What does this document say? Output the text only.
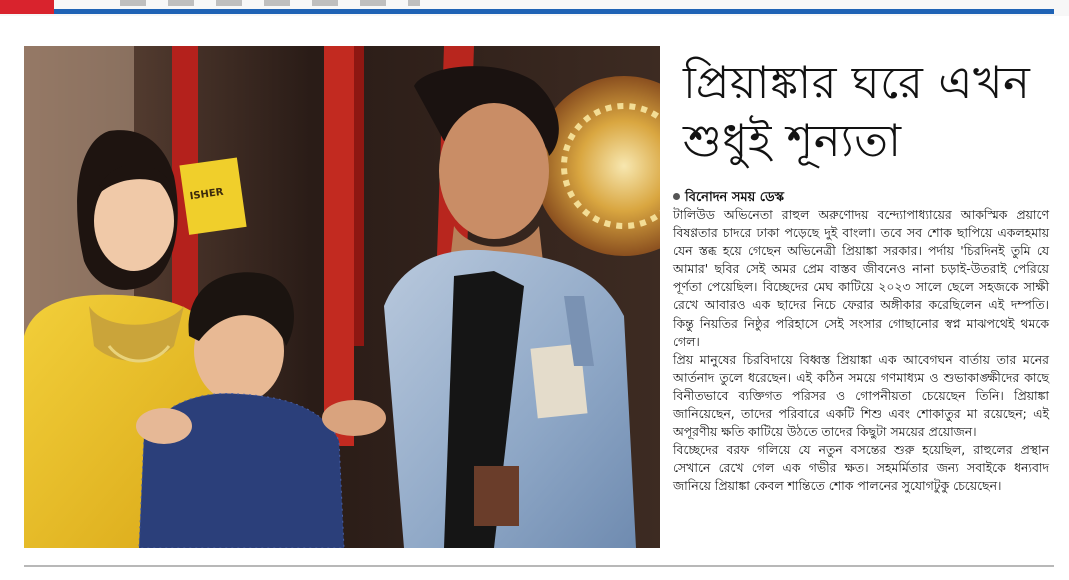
ISHER
প্রিয়াঙ্কার ঘরে এখন শুধুই শূন্যতা
বিনোদন সময় ডেস্ক

টালিউড অভিনেতা রাহুল অরুণোদয় বন্দ্যোপাধ্যায়ের আকস্মিক প্রয়াণে বিষণ্ণতার চাদরে ঢাকা পড়েছে দুই বাংলা। তবে সব শোক ছাপিয়ে একলহমায় যেন স্তব্ধ হয়ে গেছেন অভিনেত্রী প্রিয়াঙ্কা সরকার। পর্দায় 'চিরদিনই তুমি যে আমার' ছবির সেই অমর প্রেম বাস্তব জীবনেও নানা চড়াই-উতরাই পেরিয়ে পূর্ণতা পেয়েছিল। বিচ্ছেদের মেঘ কাটিয়ে ২০২৩ সালে ছেলে সহজকে সাক্ষী রেখে আবারও এক ছাদের নিচে ফেরার অঙ্গীকার করেছিলেন এই দম্পতি। কিন্তু নিয়তির নিষ্ঠুর পরিহাসে সেই সংসার গোছানোর স্বপ্ন মাঝপথেই থমকে গেল।

প্রিয় মানুষের চিরবিদায়ে বিধ্বস্ত প্রিয়াঙ্কা এক আবেগঘন বার্তায় তার মনের আর্তনাদ তুলে ধরেছেন। এই কঠিন সময়ে গণমাধ্যম ও শুভাকাঙ্ক্ষীদের কাছে বিনীতভাবে ব্যক্তিগত পরিসর ও গোপনীয়তা চেয়েছেন তিনি। প্রিয়াঙ্কা জানিয়েছেন, তাদের পরিবারে একটি শিশু এবং শোকাতুর মা রয়েছেন; এই অপূরণীয় ক্ষতি কাটিয়ে উঠতে তাদের কিছুটা সময়ের প্রয়োজন।

বিচ্ছেদের বরফ গলিয়ে যে নতুন বসন্তের শুরু হয়েছিল, রাহুলের প্রস্থান সেখানে রেখে গেল এক গভীর ক্ষত। সহমর্মিতার জন্য সবাইকে ধন্যবাদ জানিয়ে প্রিয়াঙ্কা কেবল শান্তিতে শোক পালনের সুযোগটুকু চেয়েছেন।
